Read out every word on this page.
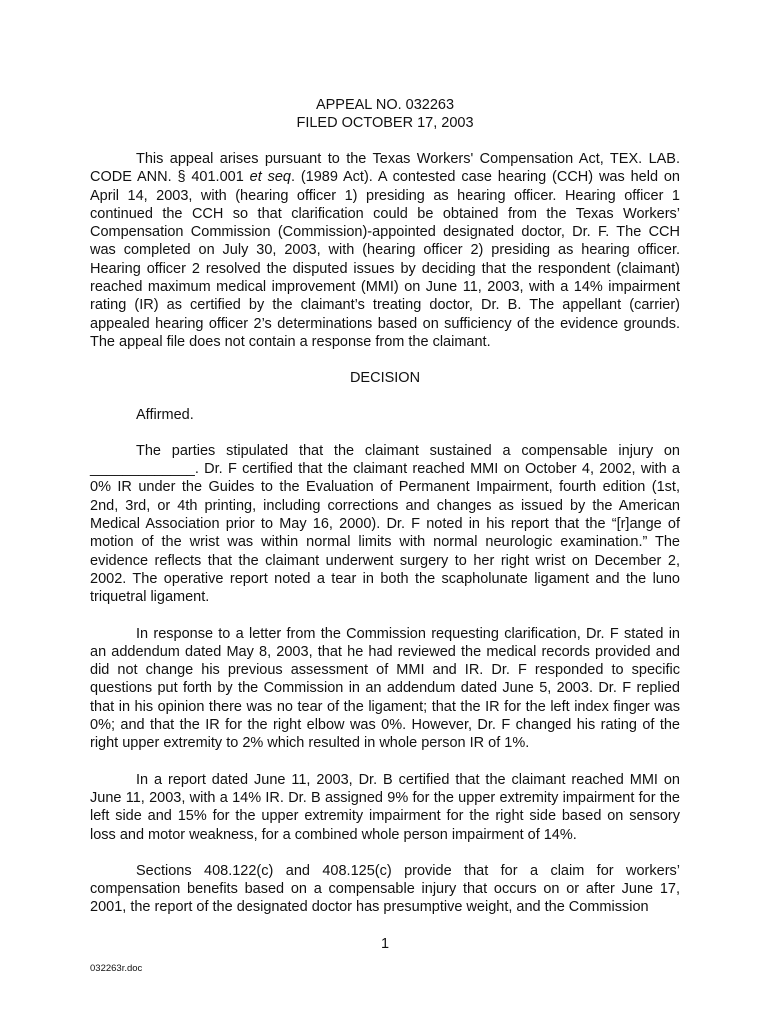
APPEAL NO. 032263
FILED OCTOBER 17, 2003

This appeal arises pursuant to the Texas Workers' Compensation Act, TEX. LAB. CODE ANN. § 401.001 et seq. (1989 Act). A contested case hearing (CCH) was held on April 14, 2003, with (hearing officer 1) presiding as hearing officer. Hearing officer 1 continued the CCH so that clarification could be obtained from the Texas Workers’ Compensation Commission (Commission)-appointed designated doctor, Dr. F. The CCH was completed on July 30, 2003, with (hearing officer 2) presiding as hearing officer. Hearing officer 2 resolved the disputed issues by deciding that the respondent (claimant) reached maximum medical improvement (MMI) on June 11, 2003, with a 14% impairment rating (IR) as certified by the claimant’s treating doctor, Dr. B. The appellant (carrier) appealed hearing officer 2’s determinations based on sufficiency of the evidence grounds. The appeal file does not contain a response from the claimant.

DECISION

Affirmed.

The parties stipulated that the claimant sustained a compensable injury on _____________. Dr. F certified that the claimant reached MMI on October 4, 2002, with a 0% IR under the Guides to the Evaluation of Permanent Impairment, fourth edition (1st, 2nd, 3rd, or 4th printing, including corrections and changes as issued by the American Medical Association prior to May 16, 2000). Dr. F noted in his report that the “[r]ange of motion of the wrist was within normal limits with normal neurologic examination.” The evidence reflects that the claimant underwent surgery to her right wrist on December 2, 2002. The operative report noted a tear in both the scapholunate ligament and the luno triquetral ligament.

In response to a letter from the Commission requesting clarification, Dr. F stated in an addendum dated May 8, 2003, that he had reviewed the medical records provided and did not change his previous assessment of MMI and IR. Dr. F responded to specific questions put forth by the Commission in an addendum dated June 5, 2003. Dr. F replied that in his opinion there was no tear of the ligament; that the IR for the left index finger was 0%; and that the IR for the right elbow was 0%. However, Dr. F changed his rating of the right upper extremity to 2% which resulted in whole person IR of 1%.

In a report dated June 11, 2003, Dr. B certified that the claimant reached MMI on June 11, 2003, with a 14% IR. Dr. B assigned 9% for the upper extremity impairment for the left side and 15% for the upper extremity impairment for the right side based on sensory loss and motor weakness, for a combined whole person impairment of 14%.

Sections 408.122(c) and 408.125(c) provide that for a claim for workers’ compensation benefits based on a compensable injury that occurs on or after June 17, 2001, the report of the designated doctor has presumptive weight, and the Commission

1
032263r.doc
